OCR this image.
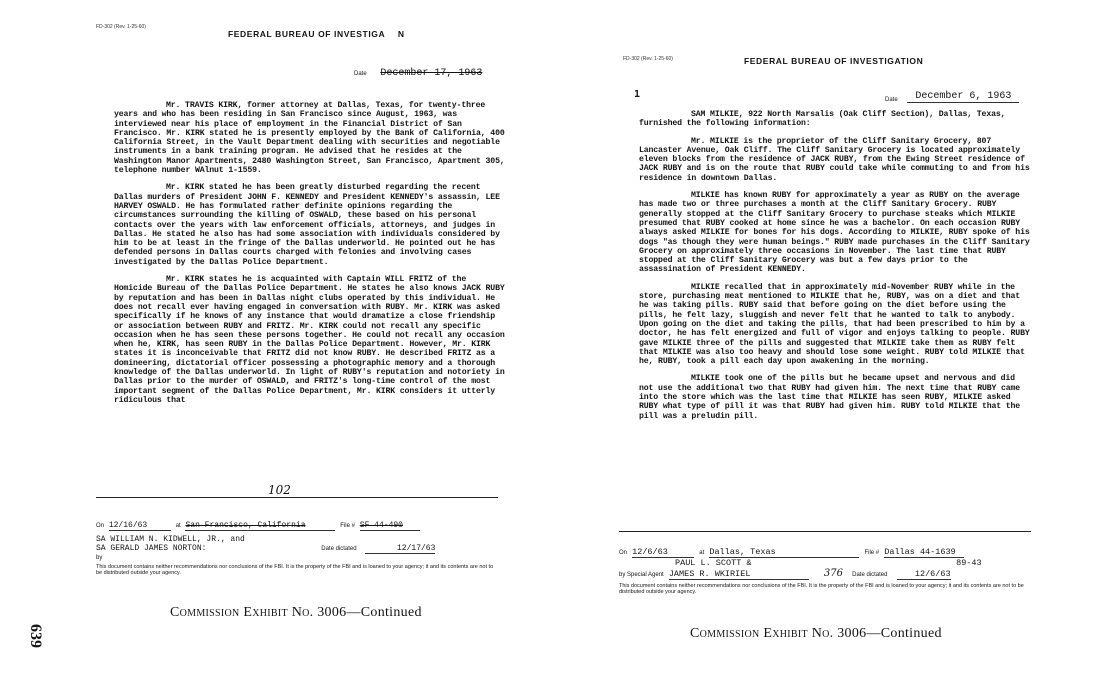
FD-302 (Rev. 1-25-60)
FEDERAL BUREAU OF INVESTIGA N
Date December 17, 1963

Mr. TRAVIS KIRK, former attorney at Dallas, Texas, for twenty-three years and who has been residing in San Francisco since August, 1963, was interviewed near his place of employment in the Financial District of San Francisco. Mr. KIRK stated he is presently employed by the Bank of California, 400 California Street, in the Vault Department dealing with securities and negotiable instruments in a bank training program. He advised that he resides at the Washington Manor Apartments, 2480 Washington Street, San Francisco, Apartment 305, telephone number WAlnut 1-1559.

Mr. KIRK stated he has been greatly disturbed regarding the recent Dallas murders of President JOHN F. KENNEDY and President KENNEDY's assassin, LEE HARVEY OSWALD. He has formulated rather definite opinions regarding the circumstances surrounding the killing of OSWALD, these based on his personal contacts over the years with law enforcement officials, attorneys, and judges in Dallas. He stated he also has had some association with individuals considered by him to be at least in the fringe of the Dallas underworld. He pointed out he has defended persons in Dallas courts charged with felonies and involving cases investigated by the Dallas Police Department.

Mr. KIRK states he is acquainted with Captain WILL FRITZ of the Homicide Bureau of the Dallas Police Department. He states he also knows JACK RUBY by reputation and has been in Dallas night clubs operated by this individual. He does not recall ever having engaged in conversation with RUBY. Mr. KIRK was asked specifically if he knows of any instance that would dramatize a close friendship or association between RUBY and FRITZ. Mr. KIRK could not recall any specific occasion when he has seen these persons together. He could not recall any occasion when he, KIRK, has seen RUBY in the Dallas Police Department. However, Mr. KIRK states it is inconceivable that FRITZ did not know RUBY. He described FRITZ as a domineering, dictatorial officer possessing a photographic memory and a thorough knowledge of the Dallas underworld. In light of RUBY's reputation and notoriety in Dallas prior to the murder of OSWALD, and FRITZ's long-time control of the most important segment of the Dallas Police Department, Mr. KIRK considers it utterly ridiculous that

102
On 12/16/63	at San Francisco, California	File # SF 44-490
SA WILLIAM N. KIDWELL, JR., and
SA GERALD JAMES NORTON:	Date dictated	12/17/63
by
This document contains neither recommendations nor conclusions of the FBI. It is the property of the FBI and is loaned to your agency; it and its contents are not to be distributed outside your agency.
Commission Exhibit No. 3006—Continued
639
FD-302 (Rev. 1-25-60)	FEDERAL BUREAU OF INVESTIGATION
1	Date December 6, 1963

SAM MILKIE, 922 North Marsalis (Oak Cliff Section), Dallas, Texas, furnished the following information:

Mr. MILKIE is the proprietor of the Cliff Sanitary Grocery, 807 Lancaster Avenue, Oak Cliff. The Cliff Sanitary Grocery is located approximately eleven blocks from the residence of JACK RUBY, from the Ewing Street residence of JACK RUBY and is on the route that RUBY could take while commuting to and from his residence in downtown Dallas.

MILKIE has known RUBY for approximately a year as RUBY on the average has made two or three purchases a month at the Cliff Sanitary Grocery. RUBY generally stopped at the Cliff Sanitary Grocery to purchase steaks which MILKIE presumed that RUBY cooked at home since he was a bachelor. On each occasion RUBY always asked MILKIE for bones for his dogs. According to MILKIE, RUBY spoke of his dogs "as though they were human beings." RUBY made purchases in the Cliff Sanitary Grocery on approximately three occasions in November. The last time that RUBY stopped at the Cliff Sanitary Grocery was but a few days prior to the assassination of President KENNEDY.

MILKIE recalled that in approximately mid-November RUBY while in the store, purchasing meat mentioned to MILKIE that he, RUBY, was on a diet and that he was taking pills. RUBY said that before going on the diet before using the pills, he felt lazy, sluggish and never felt that he wanted to talk to anybody. Upon going on the diet and taking the pills, that had been prescribed to him by a doctor, he has felt energized and full of vigor and enjoys talking to people. RUBY gave MILKIE three of the pills and suggested that MILKIE take them as RUBY felt that MILKIE was also too heavy and should lose some weight. RUBY told MILKIE that he, RUBY, took a pill each day upon awakening in the morning.

MILKIE took one of the pills but he became upset and nervous and did not use the additional two that RUBY had given him. The next time that RUBY came into the store which was the last time that MILKIE has seen RUBY, MILKIE asked RUBY what type of pill it was that RUBY had given him. RUBY told MILKIE that the pill was a preludin pill.

On 12/6/63	at Dallas, Texas	File # Dallas 44-1639
PAUL L. SCOTT &	89-43
by Special Agent JAMES R. WKIRIEL	376 Date dictated	12/6/63
This document contains neither recommendations nor conclusions of the FBI. It is the property of the FBI and is loaned to your agency; it and its contents are not to be distributed outside your agency.
Commission Exhibit No. 3006—Continued
